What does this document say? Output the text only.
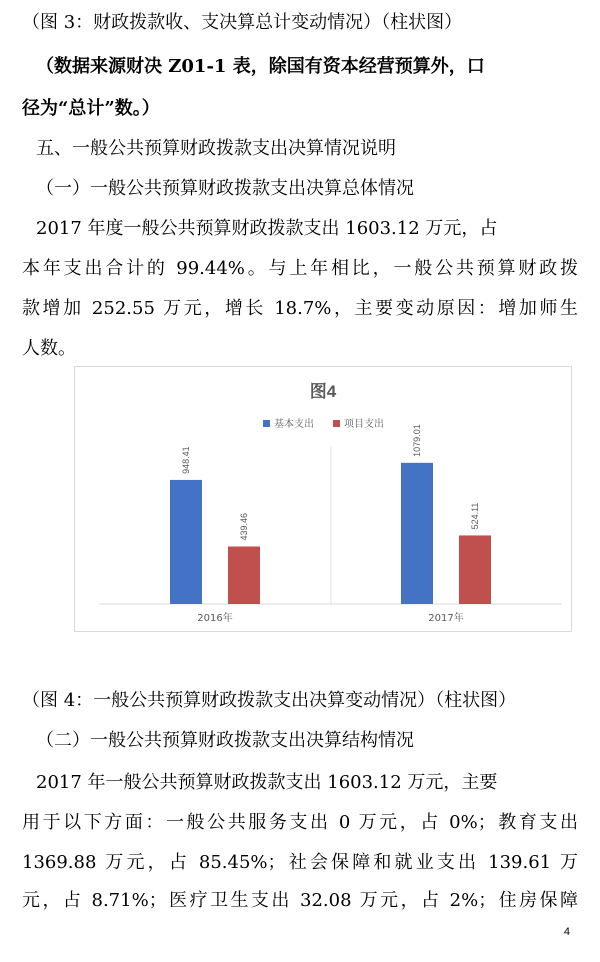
（图 3：财政拨款收、支决算总计变动情况）（柱状图）
（数据来源财决 Z01-1 表，除国有资本经营预算外，口
径为“总计”数。）
五、一般公共预算财政拨款支出决算情况说明
（一）一般公共预算财政拨款支出决算总体情况
2017 年度一般公共预算财政拨款支出 1603.12 万元，占
本年支出合计的 99.44%。与上年相比，一般公共预算财政拨
款增加 252.55 万元，增长 18.7%，主要变动原因：增加师生
人数。
图4
基本支出	项目支出
948.41
439.46
2016年
1079.01
524.11
2017年
（图 4：一般公共预算财政拨款支出决算变动情况）（柱状图）
（二）一般公共预算财政拨款支出决算结构情况
2017 年一般公共预算财政拨款支出 1603.12 万元，主要
用于以下方面：一般公共服务支出 0 万元，占 0%；教育支出
1369.88 万元，占 85.45%；社会保障和就业支出 139.61 万
元，占 8.71%；医疗卫生支出 32.08 万元，占 2%；住房保障
4
